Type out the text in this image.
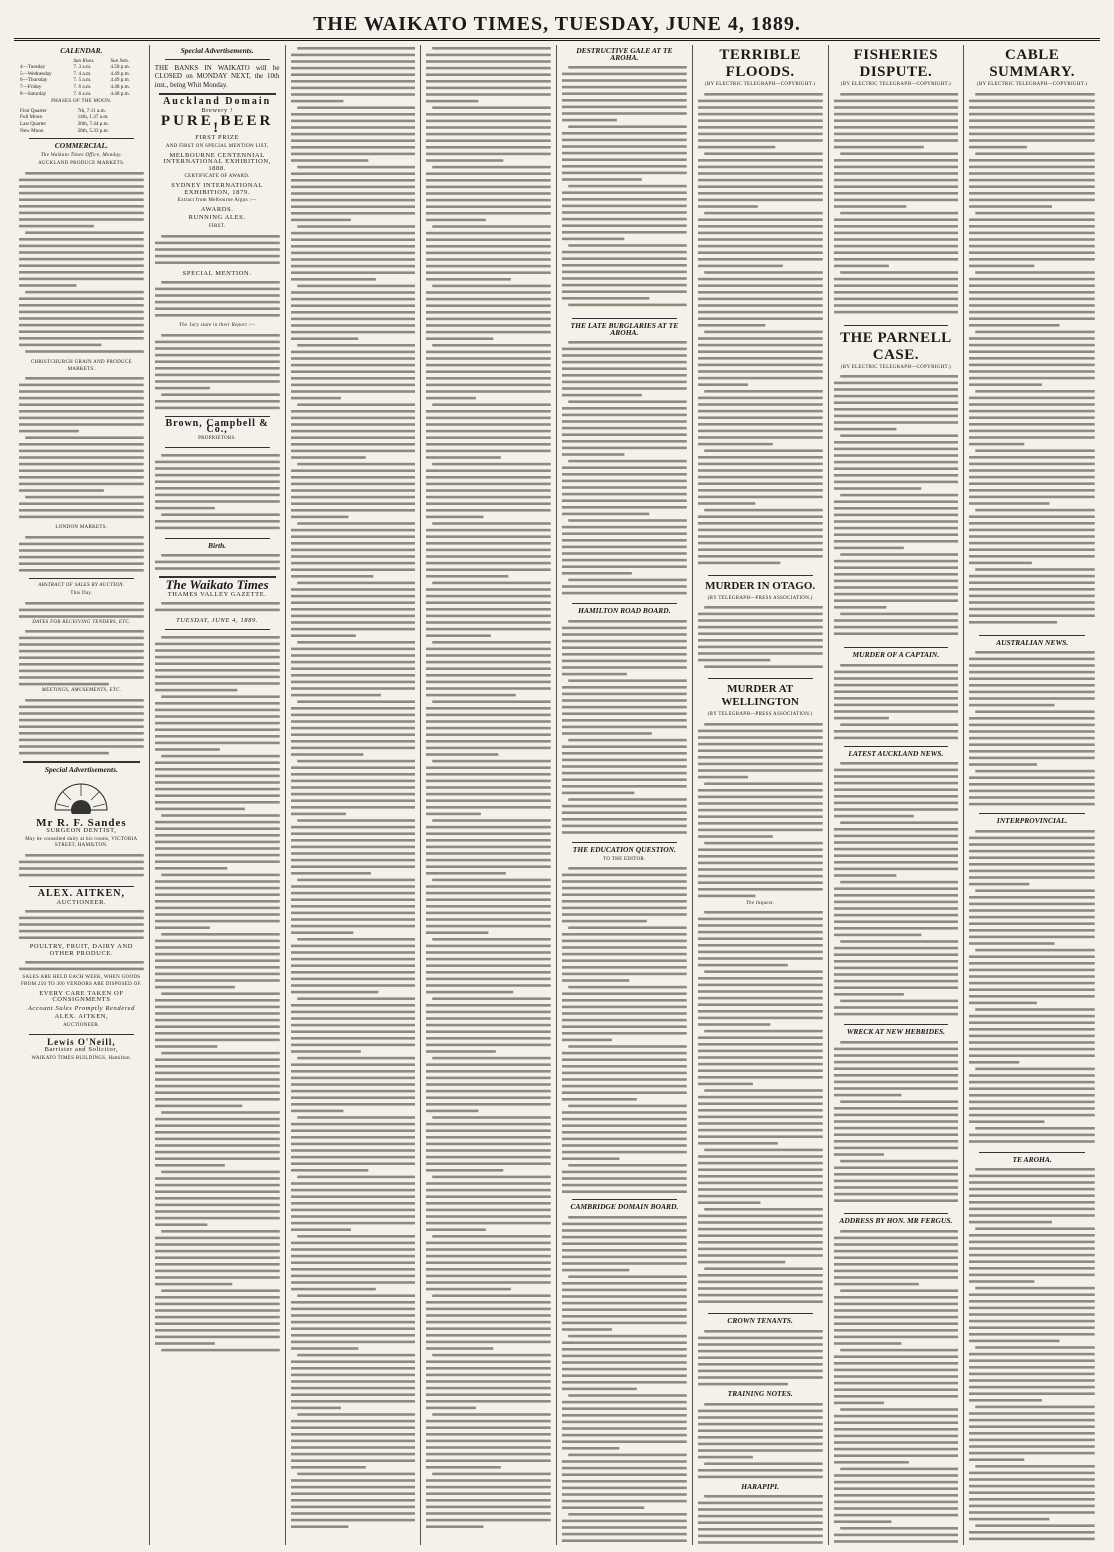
THE WAIKATO TIMES, TUESDAY, JUNE 4, 1889.
CALENDAR.
	Sun Rises.	Sun Sets.
4—Tuesday	7. 3 a.m.	4.50 p.m.
5—Wednesday	7. 4 a.m.	4.49 p.m.
6—Thursday	7. 5 a.m.	4.49 p.m.
7—Friday	7. 6 a.m.	4.48 p.m.
8—Saturday	7. 6 a.m.	4.48 p.m.
PHASES OF THE MOON.
First Quarter	7th, 7.11 a.m.
Full Moon	14th, 1.37 a.m.
Last Quarter	20th, 7.44 p.m.
New Moon	28th, 5.33 p.m.
COMMERCIAL.
The Waikato Times Office, Monday.
AUCKLAND PRODUCE MARKETS.
CHRISTCHURCH GRAIN AND PRODUCE MARKETS.
LONDON MARKETS.
ABSTRACT OF SALES BY AUCTION.
This Day.
DATES FOR RECEIVING TENDERS, ETC.
MEETINGS, AMUSEMENTS, ETC.
Special Advertisements.
Mr R. F. Sandes
SURGEON DENTIST,
May be consulted daily at his rooms, VICTORIA STREET, HAMILTON.
ALEX. AITKEN,
AUCTIONEER.
POULTRY, FRUIT, DAIRY AND OTHER PRODUCE.
SALES ARE HELD EACH WEEK, WHEN GOODS FROM 250 TO 300 VENDORS ARE DISPOSED OF.
EVERY CARE TAKEN OF CONSIGNMENTS
Account Sales Promptly Rendered
ALEX. AITKEN,
AUCTIONEER.
Lewis O'Neill,
Barrister and Solicitor,
WAIKATO TIMES BUILDINGS, Hamilton.
Special Advertisements.
THE BANKS IN WAIKATO will be CLOSED on MONDAY NEXT, the 10th inst., being Whit Monday.
Auckland Domain
Brewery !
PURE BEER !
FIRST PRIZE
AND FIRST ON SPECIAL MENTION LIST,
MELBOURNE CENTENNIAL INTERNATIONAL EXHIBITION, 1888.
CERTIFICATE OF AWARD.
SYDNEY INTERNATIONAL EXHIBITION, 1879.
Extract from Melbourne Argus :—
AWARDS.
RUNNING ALES.
FIRST.
SPECIAL MENTION.
The Jury state in their Report :—
Brown, Campbell & Co.,
PROPRIETORS.
Birth.
The Waikato Times
THAMES VALLEY GAZETTE.
TUESDAY, JUNE 4, 1889.
DESTRUCTIVE GALE AT TE AROHA.
THE LATE BURGLARIES AT TE AROHA.
HAMILTON ROAD BOARD.
THE EDUCATION QUESTION.
TO THE EDITOR.
CAMBRIDGE DOMAIN BOARD.
TERRIBLE FLOODS.
(BY ELECTRIC TELEGRAPH—COPYRIGHT.)
MURDER IN OTAGO.
(BY TELEGRAPH—PRESS ASSOCIATION.)
MURDER AT WELLINGTON
(BY TELEGRAPH—PRESS ASSOCIATION.)
The Inquest.
CROWN TENANTS.
TRAINING NOTES.
HARAPIPI.
FISHERIES DISPUTE.
(BY ELECTRIC TELEGRAPH—COPYRIGHT.)
THE PARNELL CASE.
(BY ELECTRIC TELEGRAPH—COPYRIGHT.)
MURDER OF A CAPTAIN.
LATEST AUCKLAND NEWS.
WRECK AT NEW HEBRIDES.
ADDRESS BY HON. MR FERGUS.
CABLE SUMMARY.
(BY ELECTRIC TELEGRAPH—COPYRIGHT.)
AUSTRALIAN NEWS.
INTERPROVINCIAL.
TE AROHA.
